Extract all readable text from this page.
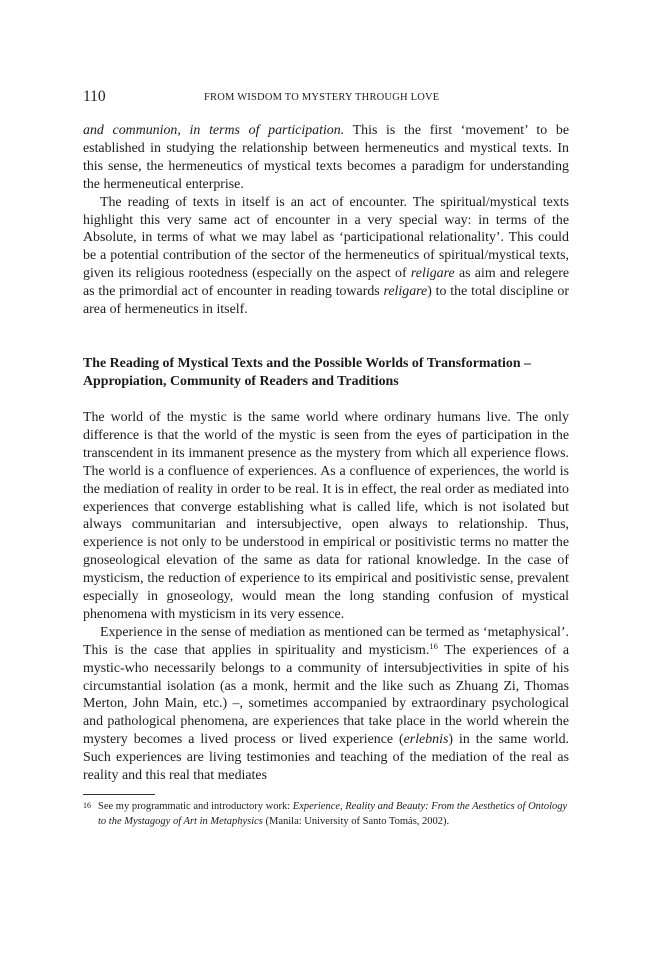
110	FROM WISDOM TO MYSTERY THROUGH LOVE

and communion, in terms of participation. This is the first ‘movement’ to be established in studying the relationship between hermeneutics and mystical texts. In this sense, the hermeneutics of mystical texts becomes a paradigm for understanding the hermeneutical enterprise.

The reading of texts in itself is an act of encounter. The spiritual/mystical texts highlight this very same act of encounter in a very special way: in terms of the Absolute, in terms of what we may label as ‘participational relationality’. This could be a potential contribution of the sector of the hermeneutics of spiritual/mystical texts, given its religious rootedness (especially on the aspect of religare as aim and relegere as the primordial act of encounter in reading towards religare) to the total discipline or area of hermeneutics in itself.

The Reading of Mystical Texts and the Possible Worlds of Transformation – Appropiation, Community of Readers and Traditions

The world of the mystic is the same world where ordinary humans live. The only difference is that the world of the mystic is seen from the eyes of participation in the transcendent in its immanent presence as the mystery from which all experience flows. The world is a confluence of experiences. As a confluence of experiences, the world is the mediation of reality in order to be real. It is in effect, the real order as mediated into experiences that converge establishing what is called life, which is not isolated but always communitarian and intersubjective, open always to relationship. Thus, experience is not only to be understood in empirical or positivistic terms no matter the gnoseological elevation of the same as data for rational knowledge. In the case of mysticism, the reduction of experience to its empirical and positivistic sense, prevalent especially in gnoseology, would mean the long standing confusion of mystical phenomena with mysticism in its very essence.

Experience in the sense of mediation as mentioned can be termed as ‘metaphysical’. This is the case that applies in spirituality and mysticism.$^{16}$ The experiences of a mystic-who necessarily belongs to a community of intersubjectivities in spite of his circumstantial isolation (as a monk, hermit and the like such as Zhuang Zi, Thomas Merton, John Main, etc.) –, sometimes accompanied by extraordinary psychological and pathological phenomena, are experiences that take place in the world wherein the mystery becomes a lived process or lived experience (erlebnis) in the same world. Such experiences are living testimonies and teaching of the mediation of the real as reality and this real that mediates

16 See my programmatic and introductory work: Experience, Reality and Beauty: From the Aesthetics of Ontology to the Mystagogy of Art in Metaphysics (Manila: University of Santo Tomás, 2002).
